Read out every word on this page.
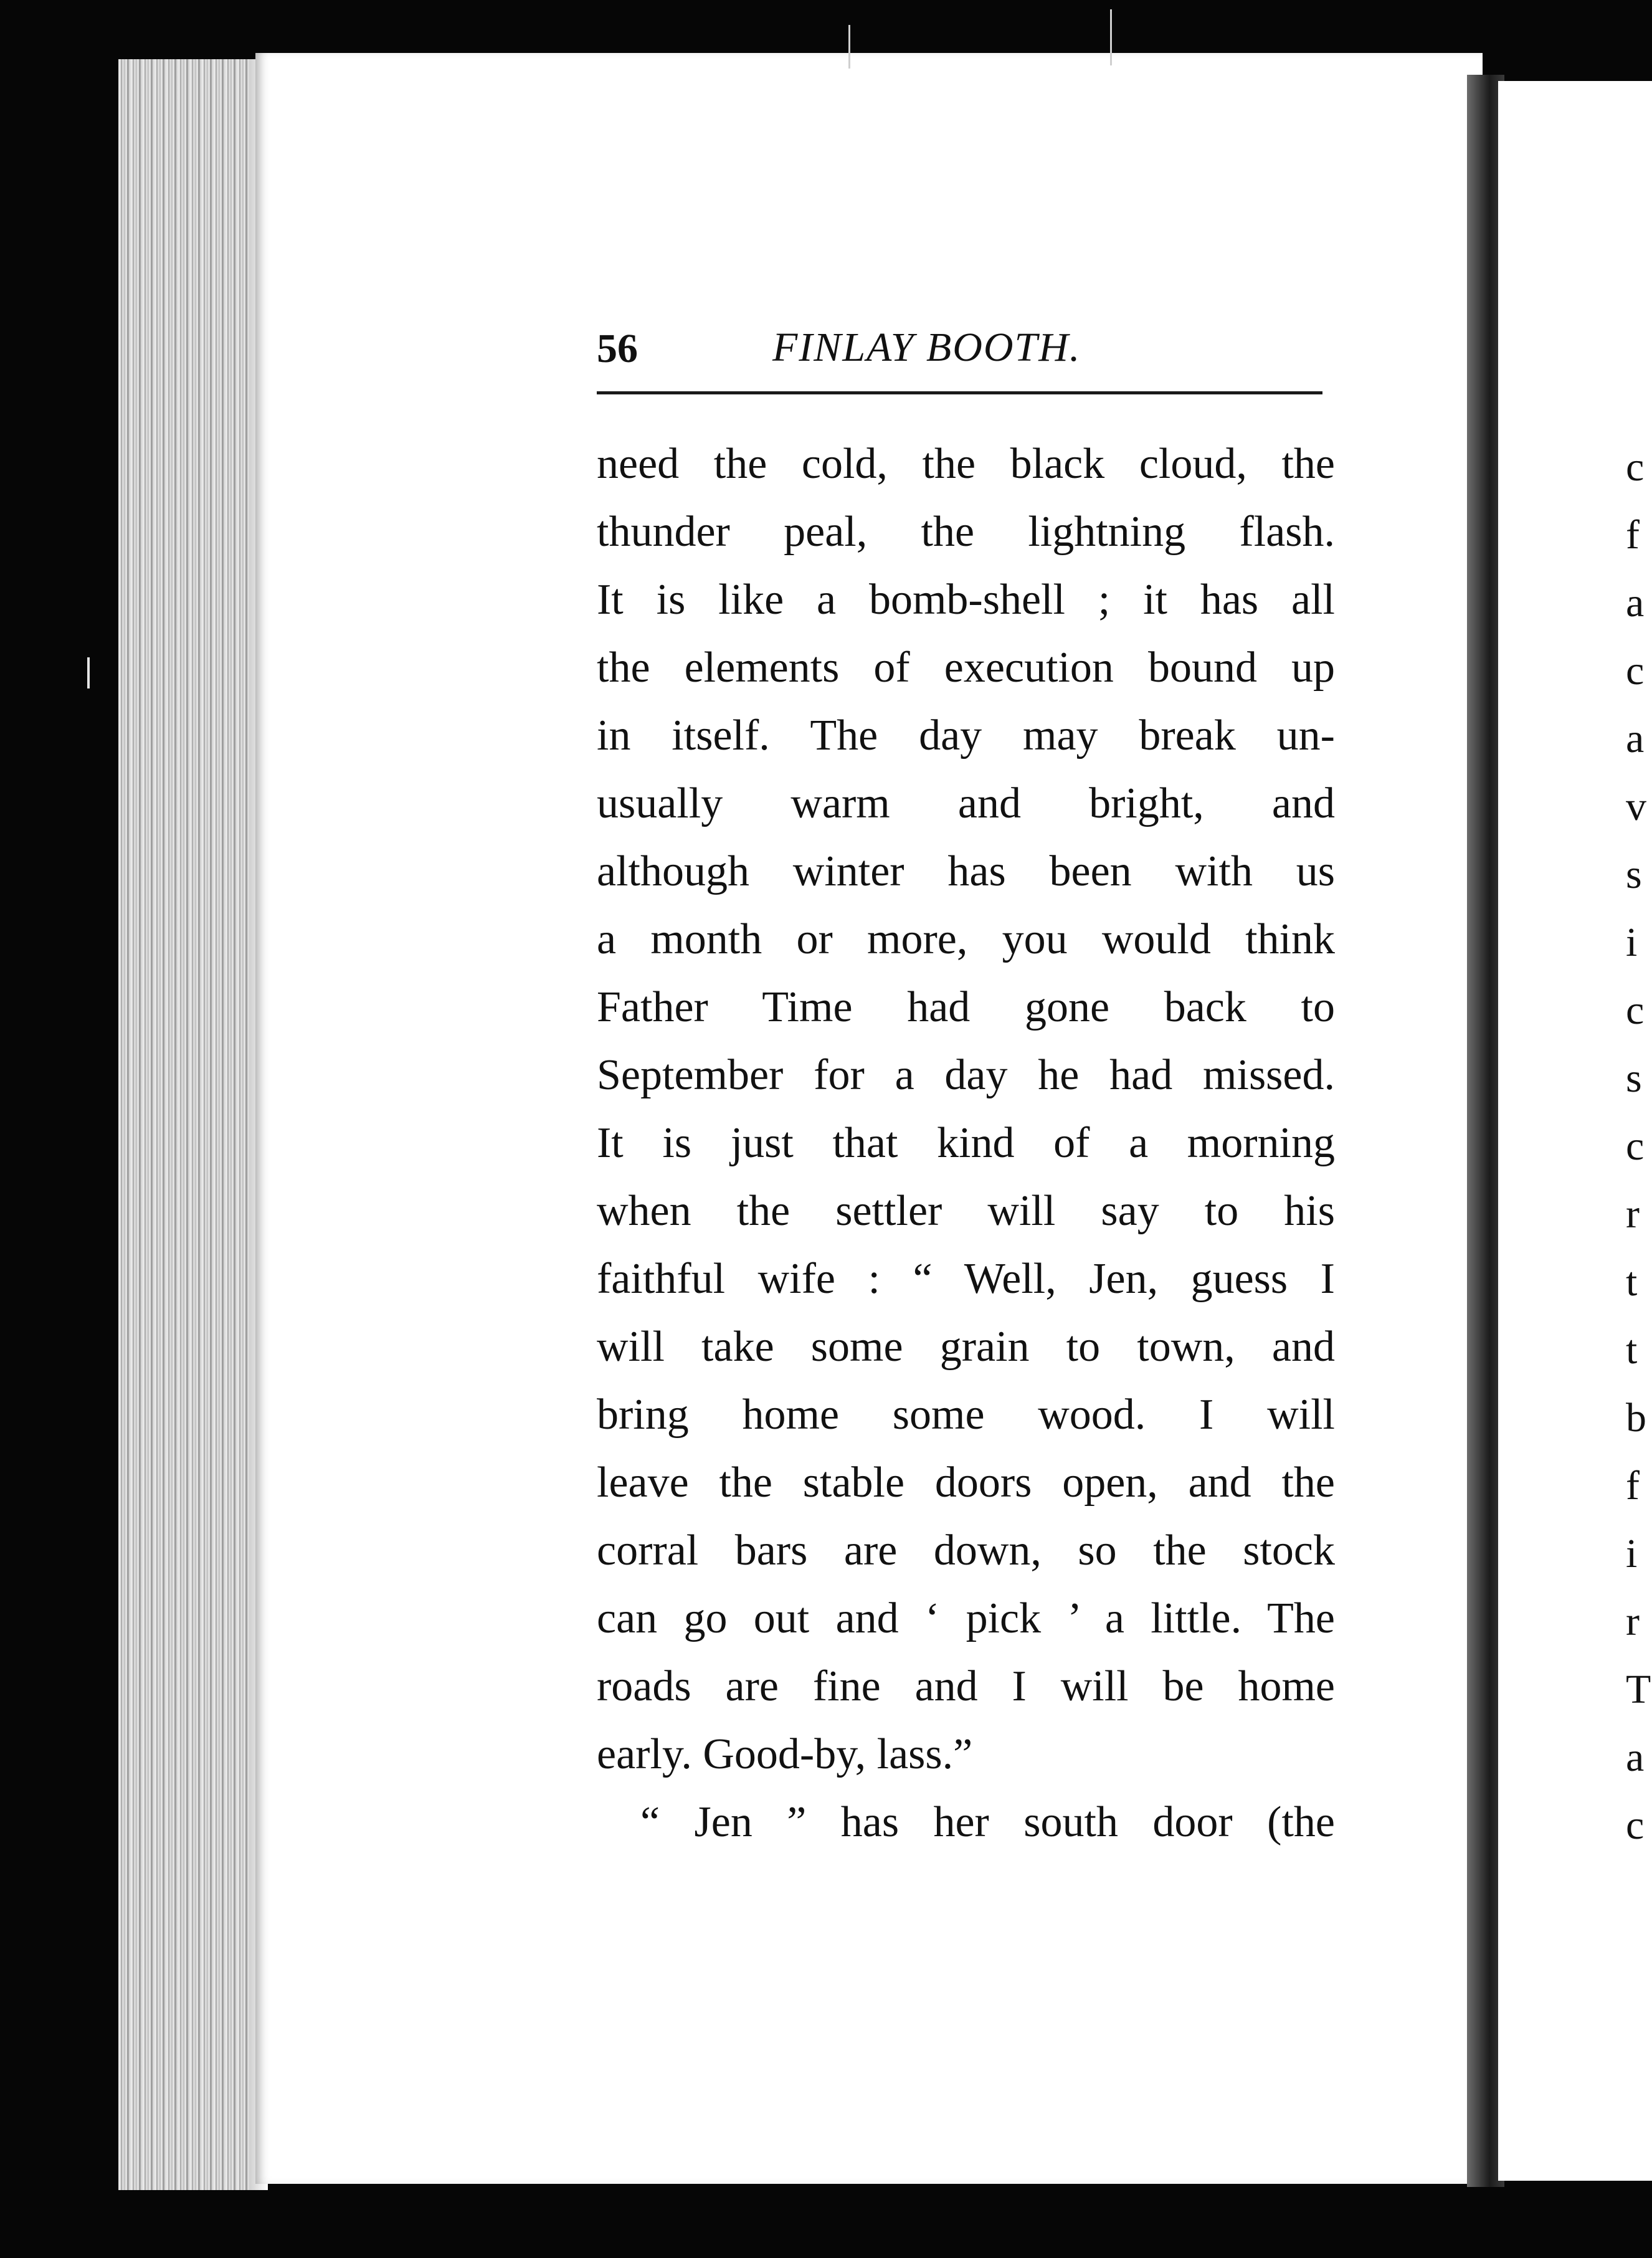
c
f
a
c
a
v
s
i
c
s
c
r
t
t
b
f
i
r
T
a
c
56	FINLAY BOOTH.
need the cold, the black cloud, the
thunder peal, the lightning flash.
It is like a bomb-shell ; it has all
the elements of execution bound up
in itself. The day may break un-
usually warm and bright, and
although winter has been with us
a month or more, you would think
Father Time had gone back to
September for a day he had missed.
It is just that kind of a morning
when the settler will say to his
faithful wife : “ Well, Jen, guess I
will take some grain to town, and
bring home some wood. I will
leave the stable doors open, and the
corral bars are down, so the stock
can go out and ‘ pick ’ a little. The
roads are fine and I will be home
early. Good-by, lass.”
“ Jen ” has her south door (the
